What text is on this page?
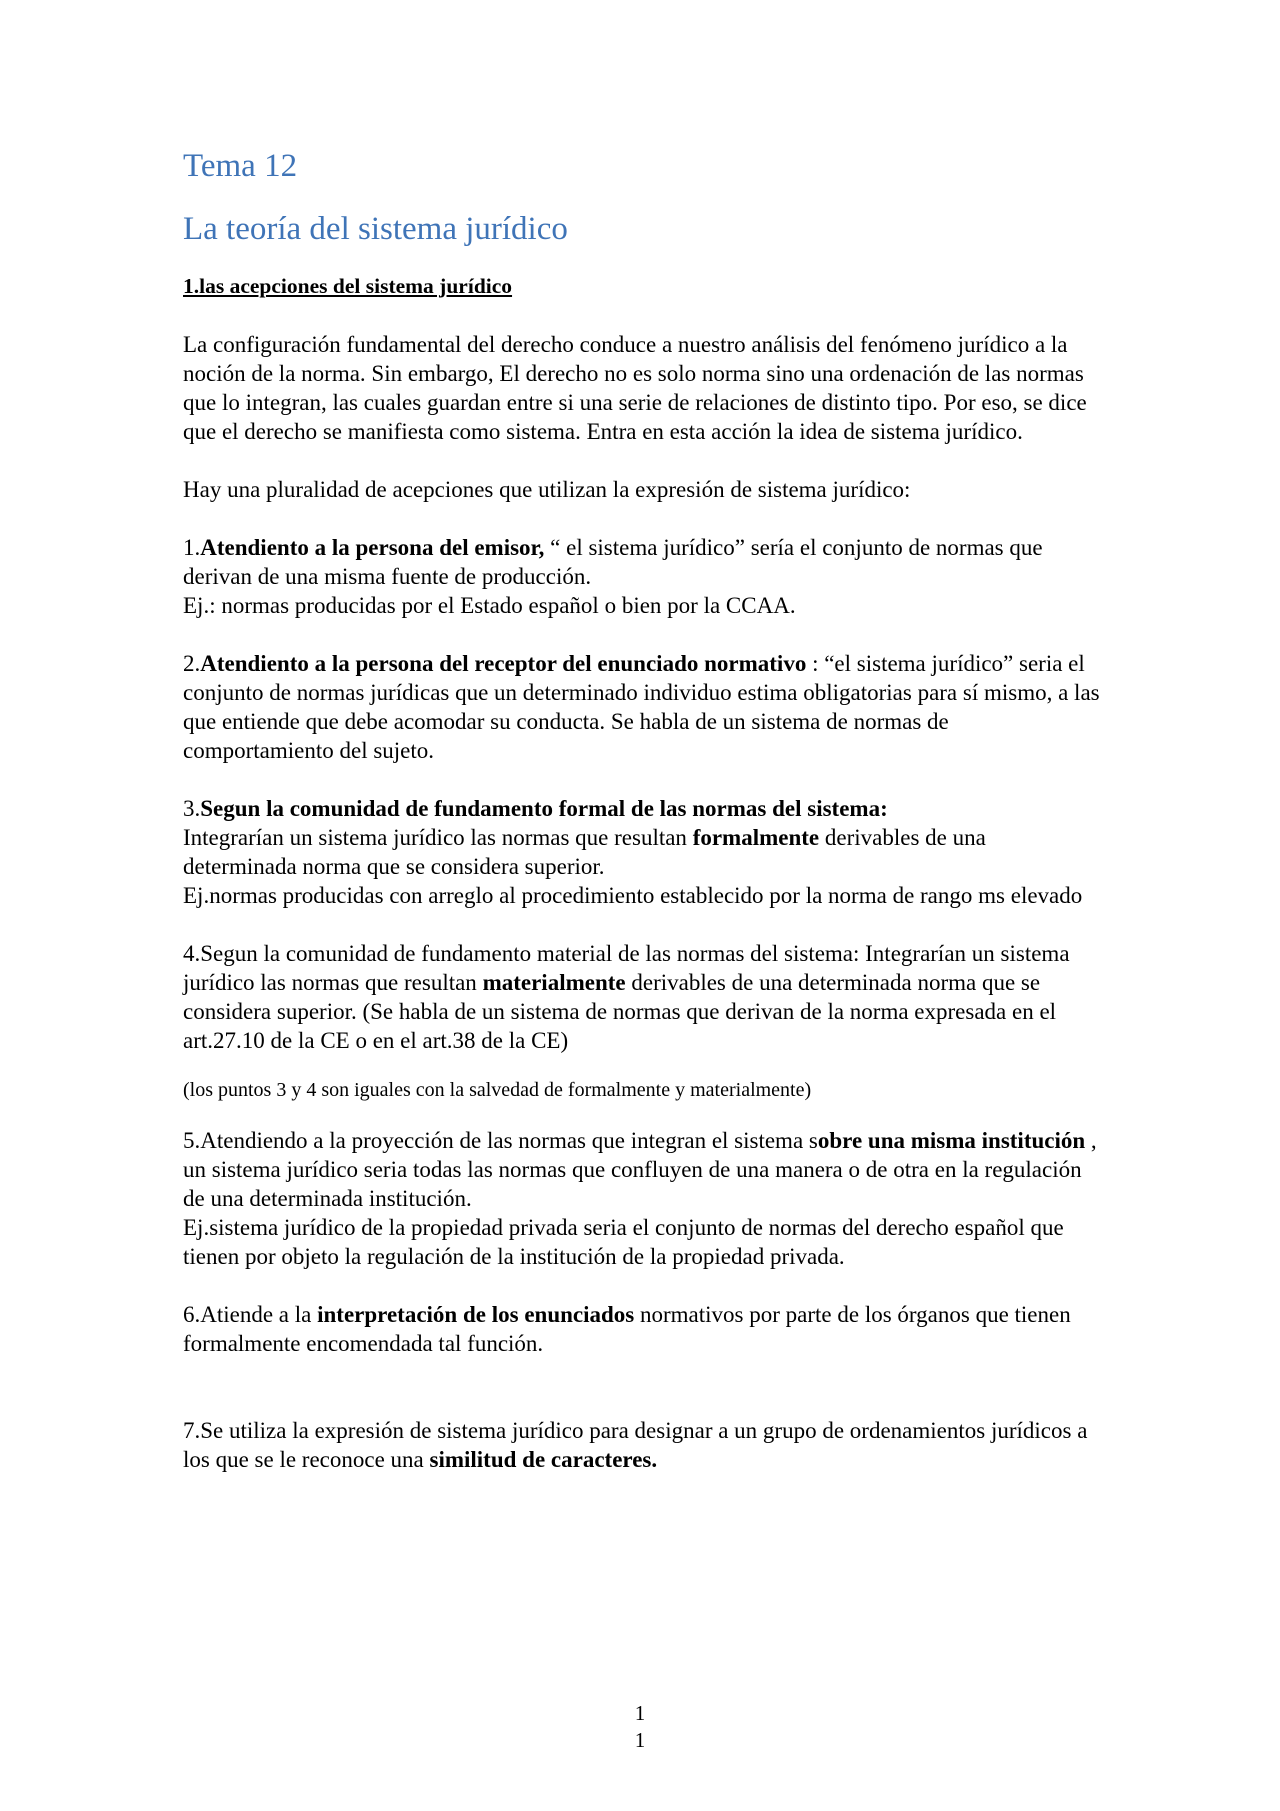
Tema 12
La teoría del sistema jurídico
1.las acepciones del sistema jurídico

La configuración fundamental del derecho conduce a nuestro análisis del fenómeno jurídico a la noción de la norma. Sin embargo, El derecho no es solo norma sino una ordenación de las normas que lo integran, las cuales guardan entre si una serie de relaciones de distinto tipo. Por eso, se dice que el derecho se manifiesta como sistema. Entra en esta acción la idea de sistema jurídico.

Hay una pluralidad de acepciones que utilizan la expresión de sistema jurídico:

1.Atendiento a la persona del emisor, “ el sistema jurídico” sería el conjunto de normas que derivan de una misma fuente de producción.

Ej.: normas producidas por el Estado español o bien por la CCAA.

2.Atendiento a la persona del receptor del enunciado normativo : “el sistema jurídico” seria el conjunto de normas jurídicas que un determinado individuo estima obligatorias para sí mismo, a las que entiende que debe acomodar su conducta. Se habla de un sistema de normas de comportamiento del sujeto.

3.Segun la comunidad de fundamento formal de las normas del sistema:

Integrarían un sistema jurídico las normas que resultan formalmente derivables de una determinada norma que se considera superior.

Ej.normas producidas con arreglo al procedimiento establecido por la norma de rango ms elevado

4.Segun la comunidad de fundamento material de las normas del sistema: Integrarían un sistema jurídico las normas que resultan materialmente derivables de una determinada norma que se considera superior. (Se habla de un sistema de normas que derivan de la norma expresada en el art.27.10 de la CE o en el art.38 de la CE)

(los puntos 3 y 4 son iguales con la salvedad de formalmente y materialmente)

5.Atendiendo a la proyección de las normas que integran el sistema sobre una misma institución , un sistema jurídico seria todas las normas que confluyen de una manera o de otra en la regulación de una determinada institución.

Ej.sistema jurídico de la propiedad privada seria el conjunto de normas del derecho español que tienen por objeto la regulación de la institución de la propiedad privada.

6.Atiende a la interpretación de los enunciados normativos por parte de los órganos que tienen formalmente encomendada tal función.

7.Se utiliza la expresión de sistema jurídico para designar a un grupo de ordenamientos jurídicos a los que se le reconoce una similitud de caracteres.

1
1
